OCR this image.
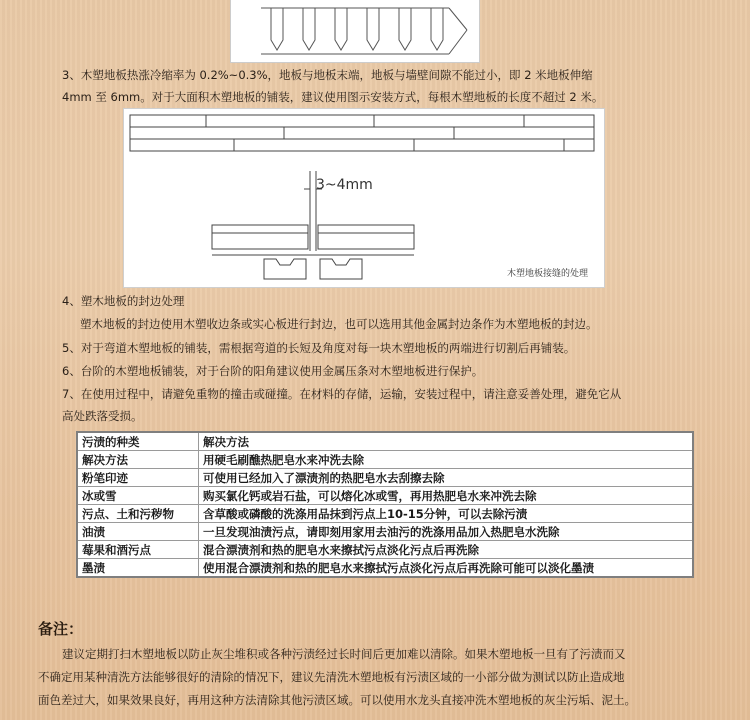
3、木塑地板热涨冷缩率为 0.2%~0.3%，地板与地板末端，地板与墙壁间隙不能过小，即 2 米地板伸缩
4mm 至 6mm。对于大面积木塑地板的铺装，建议使用图示安装方式，每根木塑地板的长度不超过 2 米。
3~4mm
木塑地板接缝的处理
4、塑木地板的封边处理
塑木地板的封边使用木塑收边条或实心板进行封边，也可以选用其他金属封边条作为木塑地板的封边。
5、对于弯道木塑地板的铺装，需根据弯道的长短及角度对每一块木塑地板的两端进行切割后再铺装。
6、台阶的木塑地板铺装，对于台阶的阳角建议使用金属压条对木塑地板进行保护。
7、在使用过程中，请避免重物的撞击或碰撞。在材料的存储，运输，安装过程中，请注意妥善处理，避免它从
高处跌落受损。
污渍的种类	解决方法
解决方法	用硬毛刷醮热肥皂水来冲洗去除
粉笔印迹	可使用已经加入了漂渍剂的热肥皂水去刮擦去除
冰或雪	购买氯化钙或岩石盐，可以熔化冰或雪，再用热肥皂水来冲洗去除
污点、土和污秽物	含草酸或磷酸的洗涤用品抹到污点上10-15分钟，可以去除污渍
油渍	一旦发现油渍污点，请即刻用家用去油污的洗涤用品加入热肥皂水洗除
莓果和酒污点	混合漂渍剂和热的肥皂水来擦拭污点淡化污点后再洗除
墨渍	使用混合漂渍剂和热的肥皂水来擦拭污点淡化污点后再洗除可能可以淡化墨渍
备注：
建议定期打扫木塑地板以防止灰尘堆积或各种污渍经过长时间后更加难以清除。如果木塑地板一旦有了污渍而又
不确定用某种清洗方法能够很好的清除的情况下，建议先清洗木塑地板有污渍区域的一小部分做为测试以防止造成地
面色差过大，如果效果良好，再用这种方法清除其他污渍区域。可以使用水龙头直接冲洗木塑地板的灰尘污垢、泥土。
